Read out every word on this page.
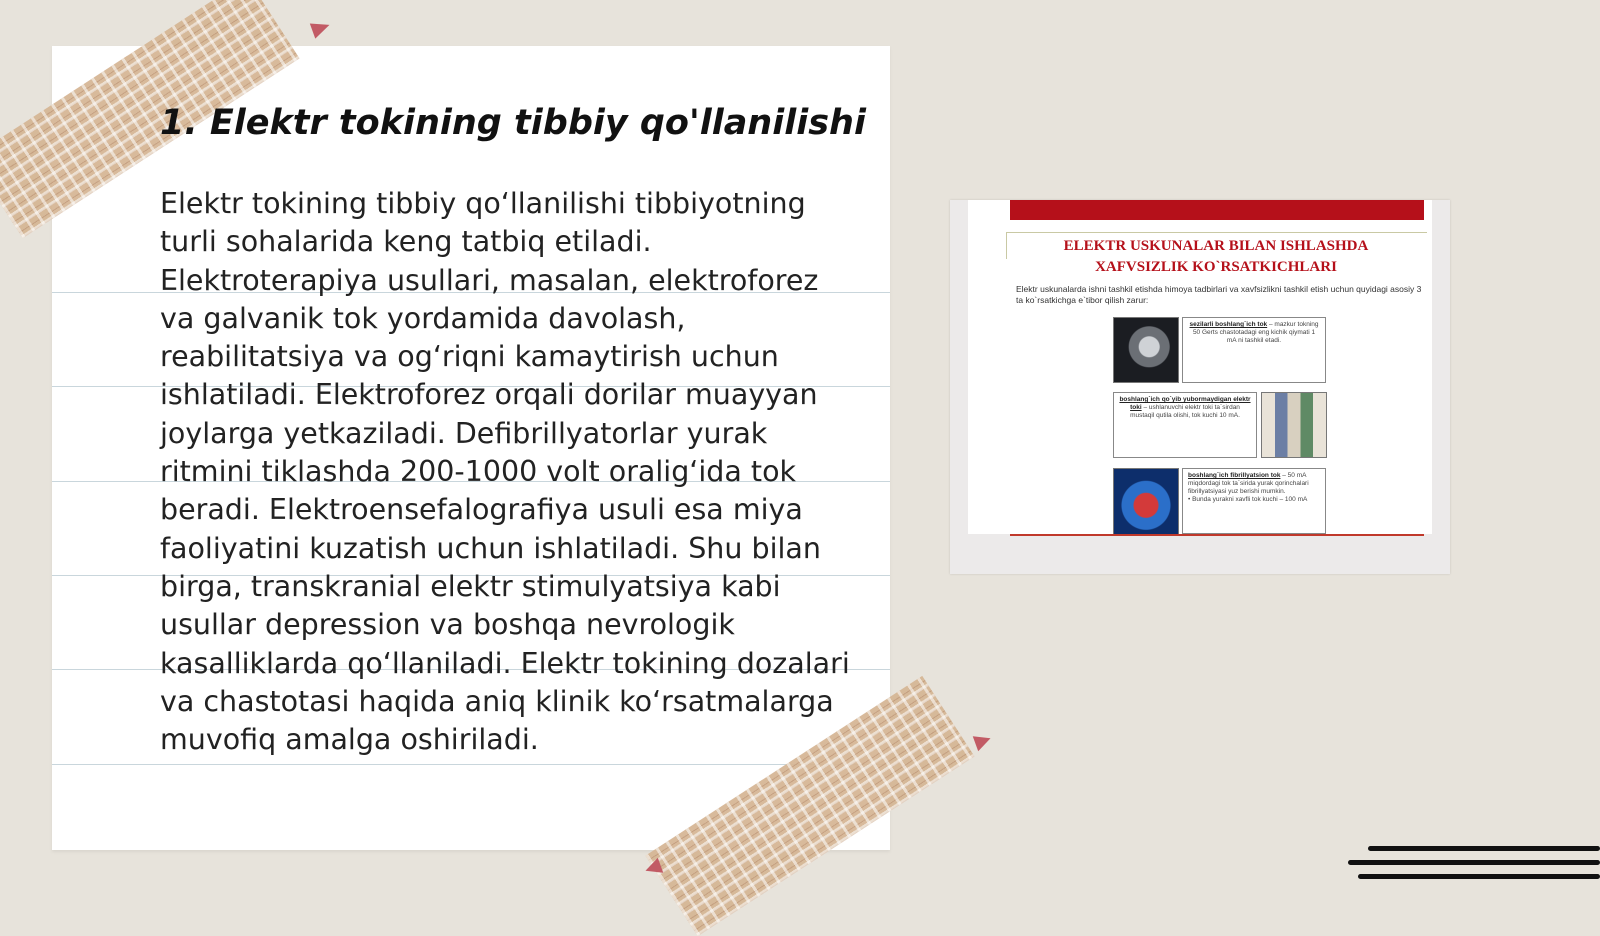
1. Elektr tokining tibbiy qo'llanilishi

Elektr tokining tibbiy qo‘llanilishi tibbiyotning turli sohalarida keng tatbiq etiladi. Elektroterapiya usullari, masalan, elektroforez va galvanik tok yordamida davolash, reabilitatsiya va og‘riqni kamaytirish uchun ishlatiladi. Elektroforez orqali dorilar muayyan joylarga yetkaziladi. Defibrillyatorlar yurak ritmini tiklashda 200-1000 volt oralig‘ida tok beradi. Elektroensefalografiya usuli esa miya faoliyatini kuzatish uchun ishlatiladi. Shu bilan birga, transkranial elektr stimulyatsiya kabi usullar depression va boshqa nevrologik kasalliklarda qo‘llaniladi. Elektr tokining dozalari va chastotasi haqida aniq klinik ko‘rsatmalarga muvofiq amalga oshiriladi.

ELEKTR USKUNALAR BILAN ISHLASHDA XAFVSIZLIK KO`RSATKICHLARI
Elektr uskunalarda ishni tashkil etishda himoya tadbirlari va xavfsizlikni tashkil etish uchun quyidagi asosiy 3 ta ko`rsatkichga e`tibor qilish zarur:
sezilarli boshlang`ich tok – mazkur tokning 50 Gerts chastotadagi eng kichik qiymati 1 mA ni tashkil etadi.
boshlang`ich qo`yib yubormaydigan elektr toki – ushlanuvchi elektr toki ta`sirdan mustaqil qutila olishi, tok kuchi 10 mA.
boshlang`ich fibrillyatsion tok – 50 mA miqdordagi tok ta`sirida yurak qorinchalari fibrillyatsiyasi yuz berishi mumkin.
• Bunda yurakni xavfli tok kuchi – 100 mA
